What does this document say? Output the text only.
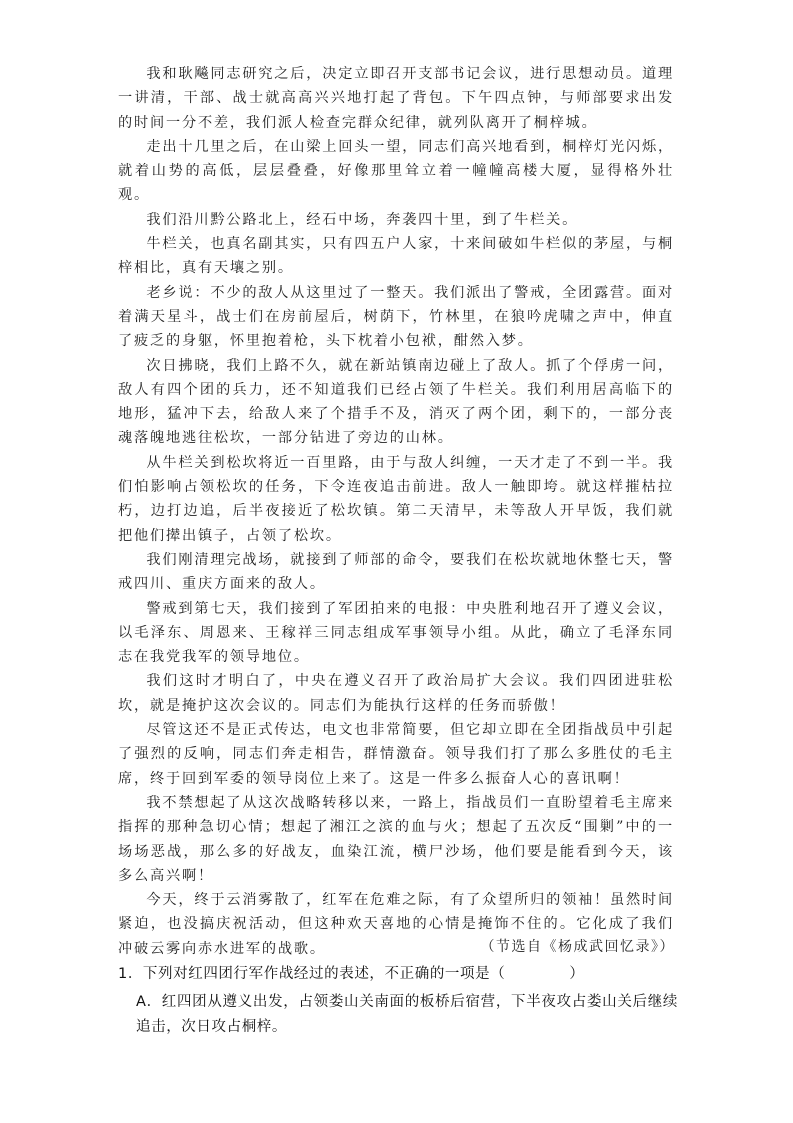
我和耿飚同志研究之后，决定立即召开支部书记会议，进行思想动员。道理一讲清，干部、战士就高高兴兴地打起了背包。下午四点钟，与师部要求出发的时间一分不差，我们派人检查完群众纪律，就列队离开了桐梓城。

走出十几里之后，在山梁上回头一望，同志们高兴地看到，桐梓灯光闪烁，就着山势的高低，层层叠叠，好像那里耸立着一幢幢高楼大厦，显得格外壮观。

我们沿川黔公路北上，经石中场，奔袭四十里，到了牛栏关。

牛栏关，也真名副其实，只有四五户人家，十来间破如牛栏似的茅屋，与桐梓相比，真有天壤之别。

老乡说：不少的敌人从这里过了一整天。我们派出了警戒，全团露营。面对着满天星斗，战士们在房前屋后，树荫下，竹林里，在狼吟虎啸之声中，伸直了疲乏的身躯，怀里抱着枪，头下枕着小包袱，酣然入梦。

次日拂晓，我们上路不久，就在新站镇南边碰上了敌人。抓了个俘虏一问，敌人有四个团的兵力，还不知道我们已经占领了牛栏关。我们利用居高临下的地形，猛冲下去，给敌人来了个措手不及，消灭了两个团，剩下的，一部分丧魂落魄地逃往松坎，一部分钻进了旁边的山林。

从牛栏关到松坎将近一百里路，由于与敌人纠缠，一天才走了不到一半。我们怕影响占领松坎的任务，下令连夜追击前进。敌人一触即垮。就这样摧枯拉朽，边打边追，后半夜接近了松坎镇。第二天清早，未等敌人开早饭，我们就把他们撵出镇子，占领了松坎。

我们刚清理完战场，就接到了师部的命令，要我们在松坎就地休整七天，警戒四川、重庆方面来的敌人。

警戒到第七天，我们接到了军团拍来的电报：中央胜利地召开了遵义会议，以毛泽东、周恩来、王稼祥三同志组成军事领导小组。从此，确立了毛泽东同志在我党我军的领导地位。

我们这时才明白了，中央在遵义召开了政治局扩大会议。我们四团进驻松坎，就是掩护这次会议的。同志们为能执行这样的任务而骄傲！

尽管这还不是正式传达，电文也非常简要，但它却立即在全团指战员中引起了强烈的反响，同志们奔走相告，群情激奋。领导我们打了那么多胜仗的毛主席，终于回到军委的领导岗位上来了。这是一件多么振奋人心的喜讯啊！

我不禁想起了从这次战略转移以来，一路上，指战员们一直盼望着毛主席来指挥的那种急切心情；想起了湘江之滨的血与火；想起了五次反“围剿”中的一场场恶战，那么多的好战友，血染江流，横尸沙场，他们要是能看到今天，该多么高兴啊！

今天，终于云消雾散了，红军在危难之际，有了众望所归的领袖！虽然时间紧迫，也没搞庆祝活动，但这种欢天喜地的心情是掩饰不住的。它化成了我们冲破云雾向赤水进军的战歌。	（节选自《杨成武回忆录》）

1．下列对红四团行军作战经过的表述，不正确的一项是（	）

A．红四团从遵义出发，占领娄山关南面的板桥后宿营，下半夜攻占娄山关后继续追击，次日攻占桐梓。
